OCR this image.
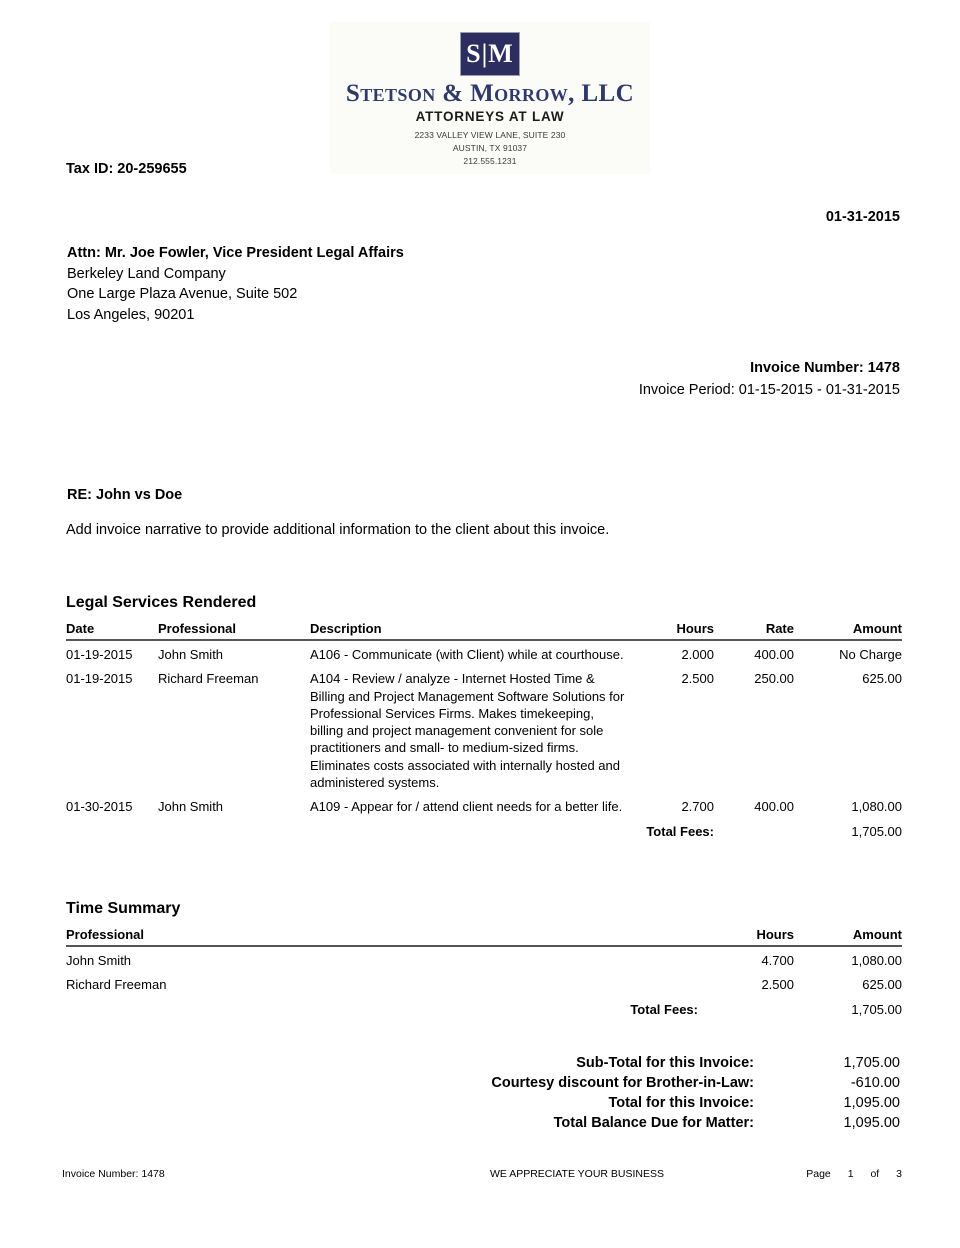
S|M
Stetson & Morrow, LLC
ATTORNEYS AT LAW
2233 VALLEY VIEW LANE, SUITE 230
AUSTIN, TX 91037
212.555.1231
Tax ID: 20-259655
01-31-2015
Attn: Mr. Joe Fowler, Vice President Legal Affairs
Berkeley Land Company
One Large Plaza Avenue, Suite 502
Los Angeles, 90201
Invoice Number: 1478
Invoice Period: 01-15-2015 - 01-31-2015
RE: John vs Doe
Add invoice narrative to provide additional information to the client about this invoice.
Legal Services Rendered
Date	Professional	Description	Hours	Rate	Amount
01-19-2015	John Smith	A106 - Communicate (with Client) while at courthouse.	2.000	400.00	No Charge
01-19-2015	Richard Freeman	A104 - Review / analyze - Internet Hosted Time & Billing and Project Management Software Solutions for Professional Services Firms. Makes timekeeping, billing and project management convenient for sole practitioners and small- to medium-sized firms. Eliminates costs associated with internally hosted and administered systems.	2.500	250.00	625.00
01-30-2015	John Smith	A109 - Appear for / attend client needs for a better life.	2.700	400.00	1,080.00
Total Fees:					1,705.00
Time Summary
Professional	Hours	Amount
John Smith	4.700	1,080.00
Richard Freeman	2.500	625.00
Total Fees:		1,705.00
Sub-Total for this Invoice:	1,705.00
Courtesy discount for Brother-in-Law:	-610.00
Total for this Invoice:	1,095.00
Total Balance Due for Matter:	1,095.00
Invoice Number: 1478	WE APPRECIATE YOUR BUSINESS	Page 1 of 3
